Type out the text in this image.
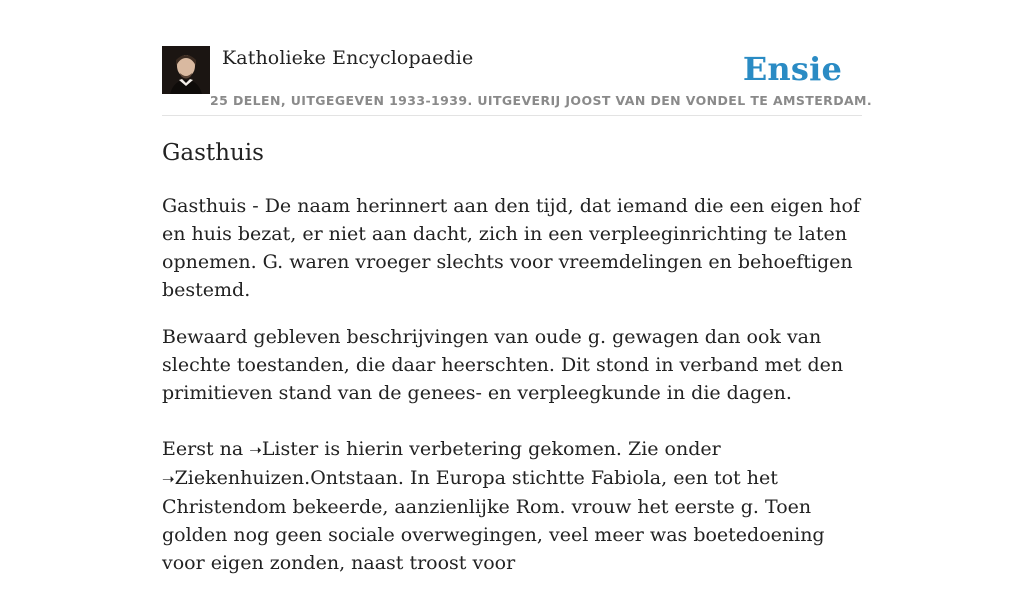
Katholieke Encyclopaedie	Ensie
25 DELEN, UITGEGEVEN 1933-1939. UITGEVERIJ JOOST VAN DEN VONDEL TE AMSTERDAM.
Gasthuis

Gasthuis - De naam herinnert aan den tijd, dat iemand die een eigen hof en huis bezat, er niet aan dacht, zich in een verpleeginrichting te laten opnemen. G. waren vroeger slechts voor vreemdelingen en behoeftigen bestemd.

Bewaard gebleven beschrijvingen van oude g. gewagen dan ook van slechte toestanden, die daar heerschten. Dit stond in verband met den primitieven stand van de genees- en verpleegkunde in die dagen.

Eerst na ➝Lister is hierin verbetering gekomen. Zie onder ➝Ziekenhuizen.Ontstaan. In Europa stichtte Fabiola, een tot het Christendom bekeerde, aanzienlijke Rom. vrouw het eerste g. Toen golden nog geen sociale overwegingen, veel meer was boetedoening voor eigen zonden, naast troost voor
